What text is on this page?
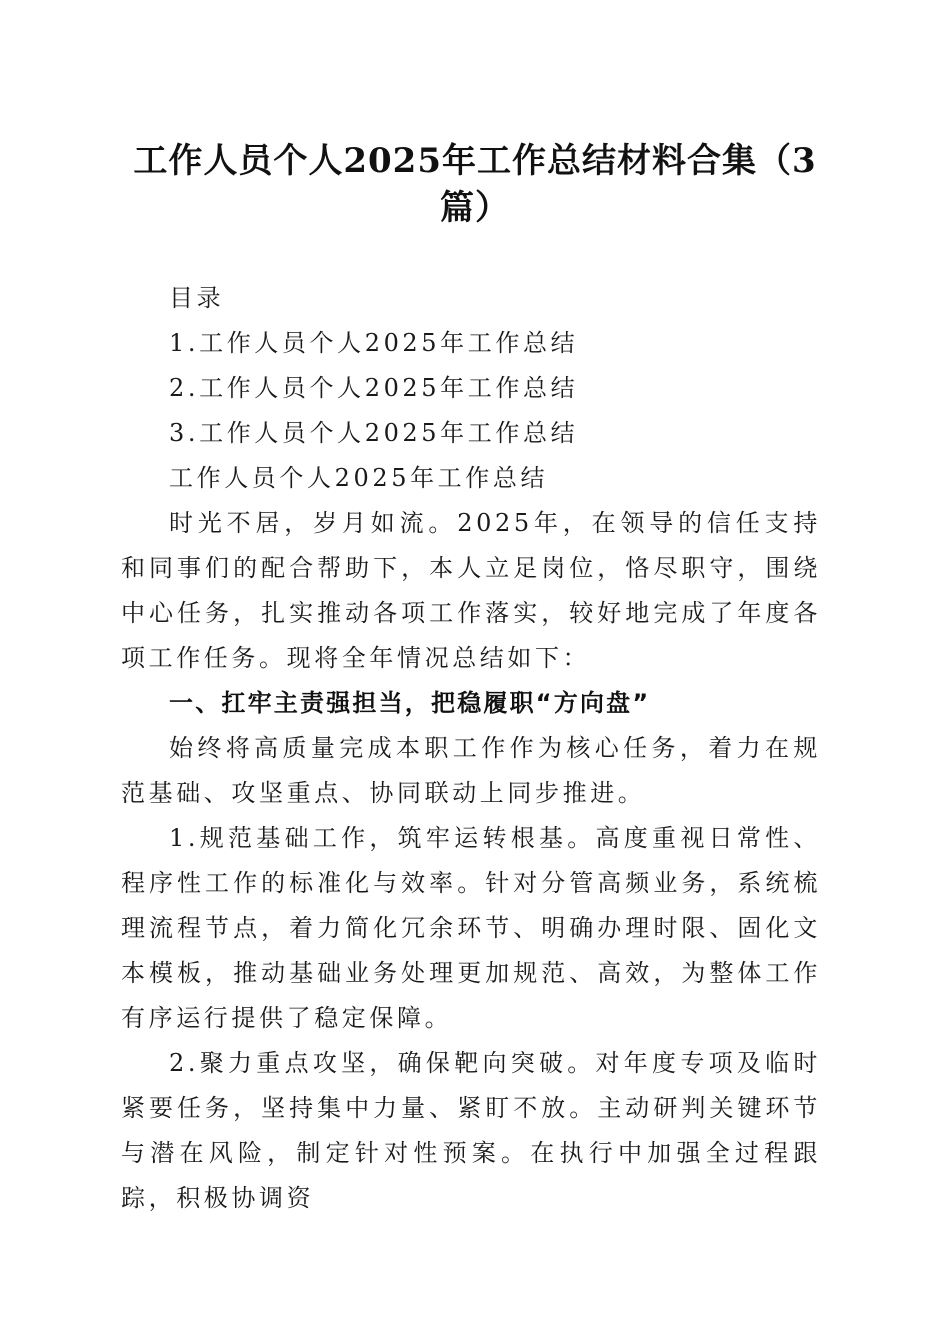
工作人员个人2025年工作总结材料合集（3篇）

目录

1.工作人员个人2025年工作总结

2.工作人员个人2025年工作总结

3.工作人员个人2025年工作总结

工作人员个人2025年工作总结

时光不居，岁月如流。2025年，在领导的信任支持和同事们的配合帮助下，本人立足岗位，恪尽职守，围绕中心任务，扎实推动各项工作落实，较好地完成了年度各项工作任务。现将全年情况总结如下：

一、扛牢主责强担当，把稳履职“方向盘”

始终将高质量完成本职工作作为核心任务，着力在规范基础、攻坚重点、协同联动上同步推进。

1.规范基础工作，筑牢运转根基。高度重视日常性、程序性工作的标准化与效率。针对分管高频业务，系统梳理流程节点，着力简化冗余环节、明确办理时限、固化文本模板，推动基础业务处理更加规范、高效，为整体工作有序运行提供了稳定保障。

2.聚力重点攻坚，确保靶向突破。对年度专项及临时紧要任务，坚持集中力量、紧盯不放。主动研判关键环节与潜在风险，制定针对性预案。在执行中加强全过程跟踪，积极协调资
